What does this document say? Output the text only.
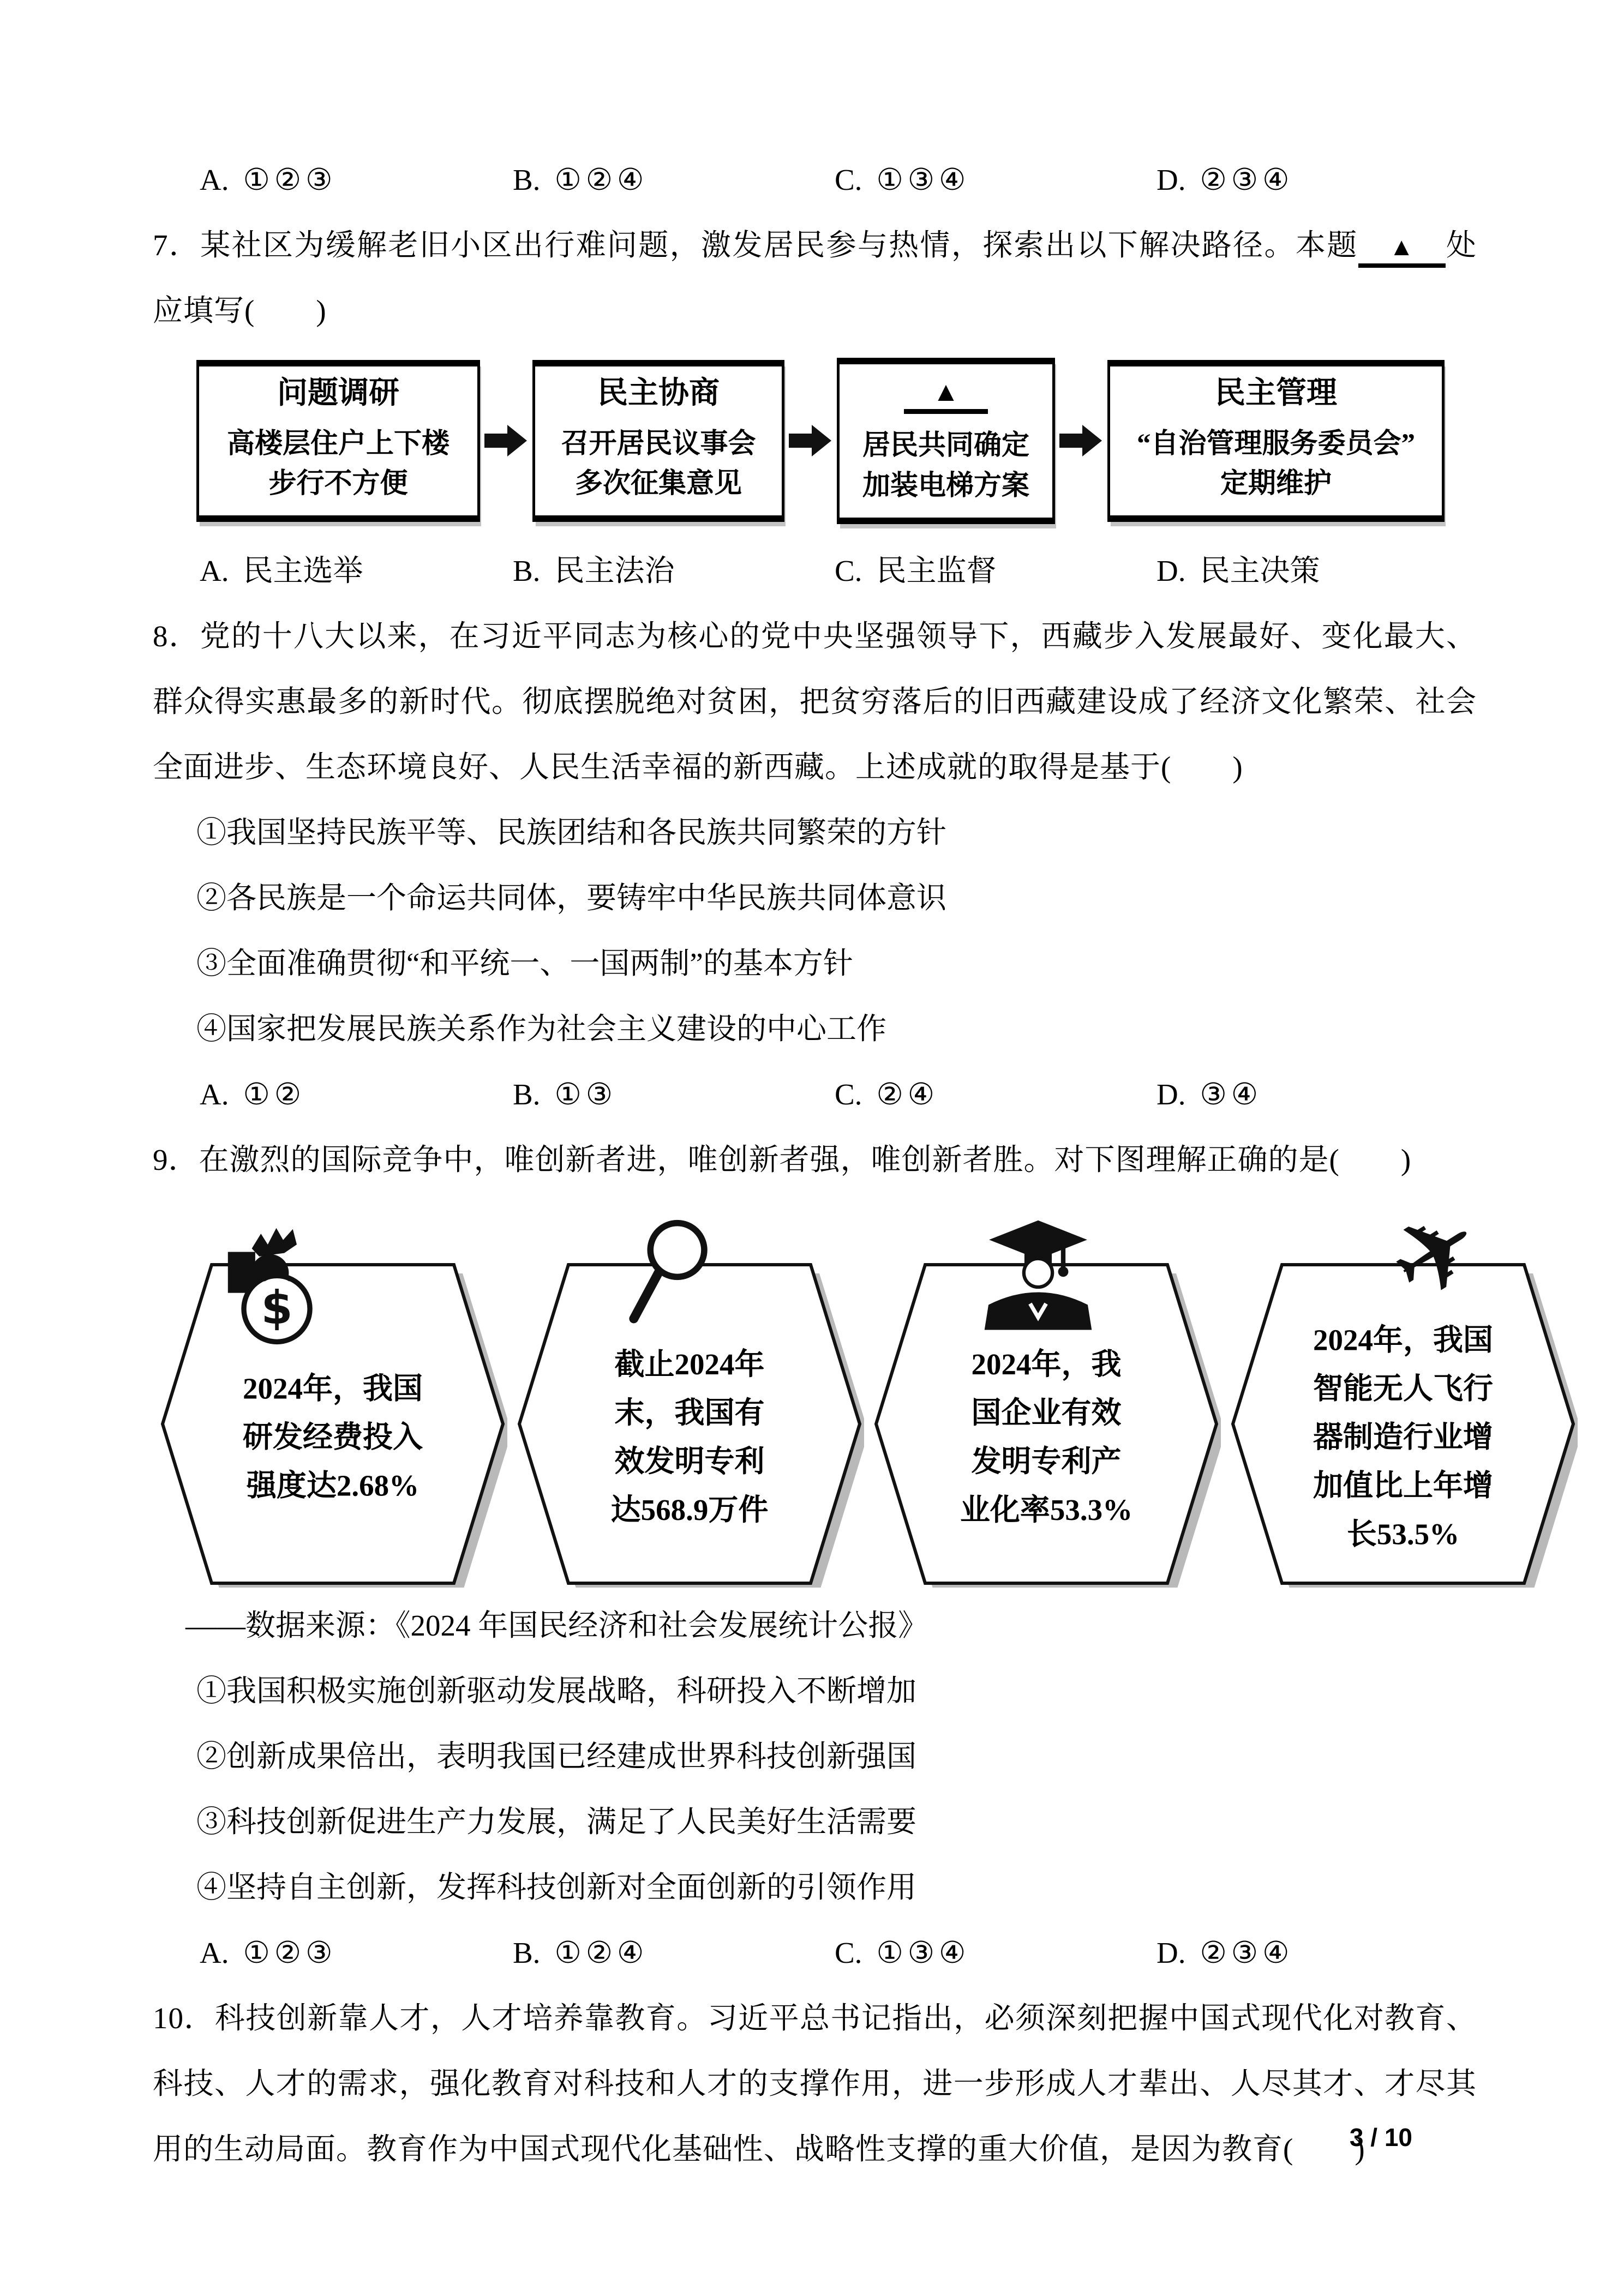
A. ①②③	B. ①②④	C. ①③④	D. ②③④

7．某社区为缓解老旧小区出行难问题，激发居民参与热情，探索出以下解决路径。本题 ▲ 处应填写(　　)

问题调研
高楼层住户上下楼
步行不方便
民主协商
召开居民议事会
多次征集意见
▲
居民共同确定
加装电梯方案
民主管理
“自治管理服务委员会”
定期维护
A. 民主选举	B. 民主法治	C. 民主监督	D. 民主决策

8．党的十八大以来，在习近平同志为核心的党中央坚强领导下，西藏步入发展最好、变化最大、群众得实惠最多的新时代。彻底摆脱绝对贫困，把贫穷落后的旧西藏建设成了经济文化繁荣、社会全面进步、生态环境良好、人民生活幸福的新西藏。上述成就的取得是基于(　　)

①我国坚持民族平等、民族团结和各民族共同繁荣的方针

②各民族是一个命运共同体，要铸牢中华民族共同体意识

③全面准确贯彻“和平统一、一国两制”的基本方针

④国家把发展民族关系作为社会主义建设的中心工作

A. ①②	B. ①③	C. ②④	D. ③④

9．在激烈的国际竞争中，唯创新者进，唯创新者强，唯创新者胜。对下图理解正确的是(　　)

$
2024年，我国
研发经费投入
强度达2.68%
截止2024年
末，我国有
效发明专利
达568.9万件
2024年，我
国企业有效
发明专利产
业化率53.3%
✈
2024年，我国
智能无人飞行
器制造行业增
加值比上年增
长53.5%

——数据来源：《2024 年国民经济和社会发展统计公报》

①我国积极实施创新驱动发展战略，科研投入不断增加

②创新成果倍出，表明我国已经建成世界科技创新强国

③科技创新促进生产力发展，满足了人民美好生活需要

④坚持自主创新，发挥科技创新对全面创新的引领作用

A. ①②③	B. ①②④	C. ①③④	D. ②③④

10．科技创新靠人才，人才培养靠教育。习近平总书记指出，必须深刻把握中国式现代化对教育、科技、人才的需求，强化教育对科技和人才的支撑作用，进一步形成人才辈出、人尽其才、才尽其用的生动局面。教育作为中国式现代化基础性、战略性支撑的重大价值，是因为教育(　　)

3 / 10
